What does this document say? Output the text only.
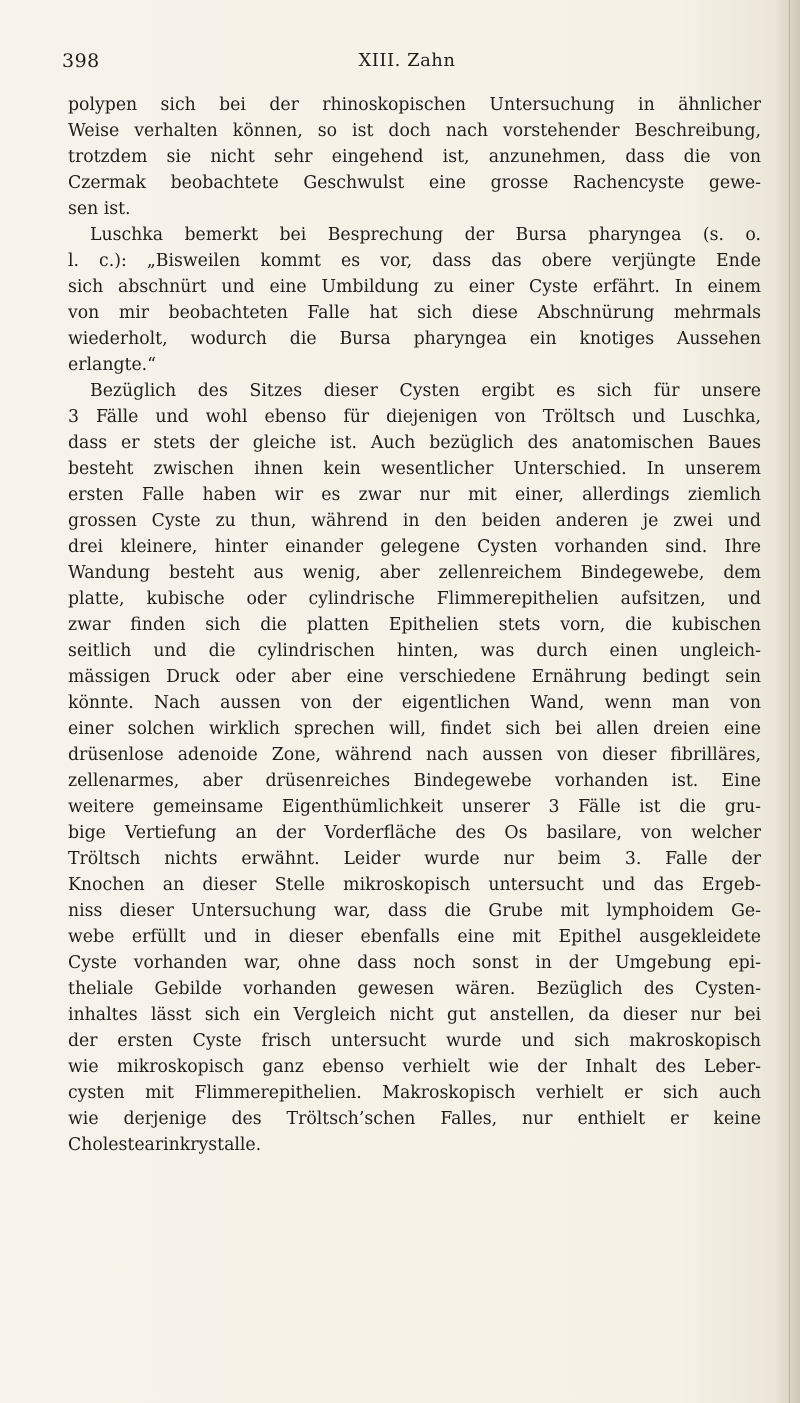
398	XIII. Zahn
polypen sich bei der rhinoskopischen Untersuchung in ähnlicher
Weise verhalten können, so ist doch nach vorstehender Beschreibung,
trotzdem sie nicht sehr eingehend ist, anzunehmen, dass die von
Czermak beobachtete Geschwulst eine grosse Rachencyste gewe-
sen ist.
Luschka bemerkt bei Besprechung der Bursa pharyngea (s. o.
l. c.): „Bisweilen kommt es vor, dass das obere verjüngte Ende
sich abschnürt und eine Umbildung zu einer Cyste erfährt. In einem
von mir beobachteten Falle hat sich diese Abschnürung mehrmals
wiederholt, wodurch die Bursa pharyngea ein knotiges Aussehen
erlangte.“
Bezüglich des Sitzes dieser Cysten ergibt es sich für unsere
3 Fälle und wohl ebenso für diejenigen von Tröltsch und Luschka,
dass er stets der gleiche ist. Auch bezüglich des anatomischen Baues
besteht zwischen ihnen kein wesentlicher Unterschied. In unserem
ersten Falle haben wir es zwar nur mit einer, allerdings ziemlich
grossen Cyste zu thun, während in den beiden anderen je zwei und
drei kleinere, hinter einander gelegene Cysten vorhanden sind. Ihre
Wandung besteht aus wenig, aber zellenreichem Bindegewebe, dem
platte, kubische oder cylindrische Flimmerepithelien aufsitzen, und
zwar finden sich die platten Epithelien stets vorn, die kubischen
seitlich und die cylindrischen hinten, was durch einen ungleich-
mässigen Druck oder aber eine verschiedene Ernährung bedingt sein
könnte. Nach aussen von der eigentlichen Wand, wenn man von
einer solchen wirklich sprechen will, findet sich bei allen dreien eine
drüsenlose adenoide Zone, während nach aussen von dieser fibrilläres,
zellenarmes, aber drüsenreiches Bindegewebe vorhanden ist. Eine
weitere gemeinsame Eigenthümlichkeit unserer 3 Fälle ist die gru-
bige Vertiefung an der Vorderfläche des Os basilare, von welcher
Tröltsch nichts erwähnt. Leider wurde nur beim 3. Falle der
Knochen an dieser Stelle mikroskopisch untersucht und das Ergeb-
niss dieser Untersuchung war, dass die Grube mit lymphoidem Ge-
webe erfüllt und in dieser ebenfalls eine mit Epithel ausgekleidete
Cyste vorhanden war, ohne dass noch sonst in der Umgebung epi-
theliale Gebilde vorhanden gewesen wären. Bezüglich des Cysten-
inhaltes lässt sich ein Vergleich nicht gut anstellen, da dieser nur bei
der ersten Cyste frisch untersucht wurde und sich makroskopisch
wie mikroskopisch ganz ebenso verhielt wie der Inhalt des Leber-
cysten mit Flimmerepithelien. Makroskopisch verhielt er sich auch
wie derjenige des Tröltsch’schen Falles, nur enthielt er keine
Cholestearinkrystalle.
